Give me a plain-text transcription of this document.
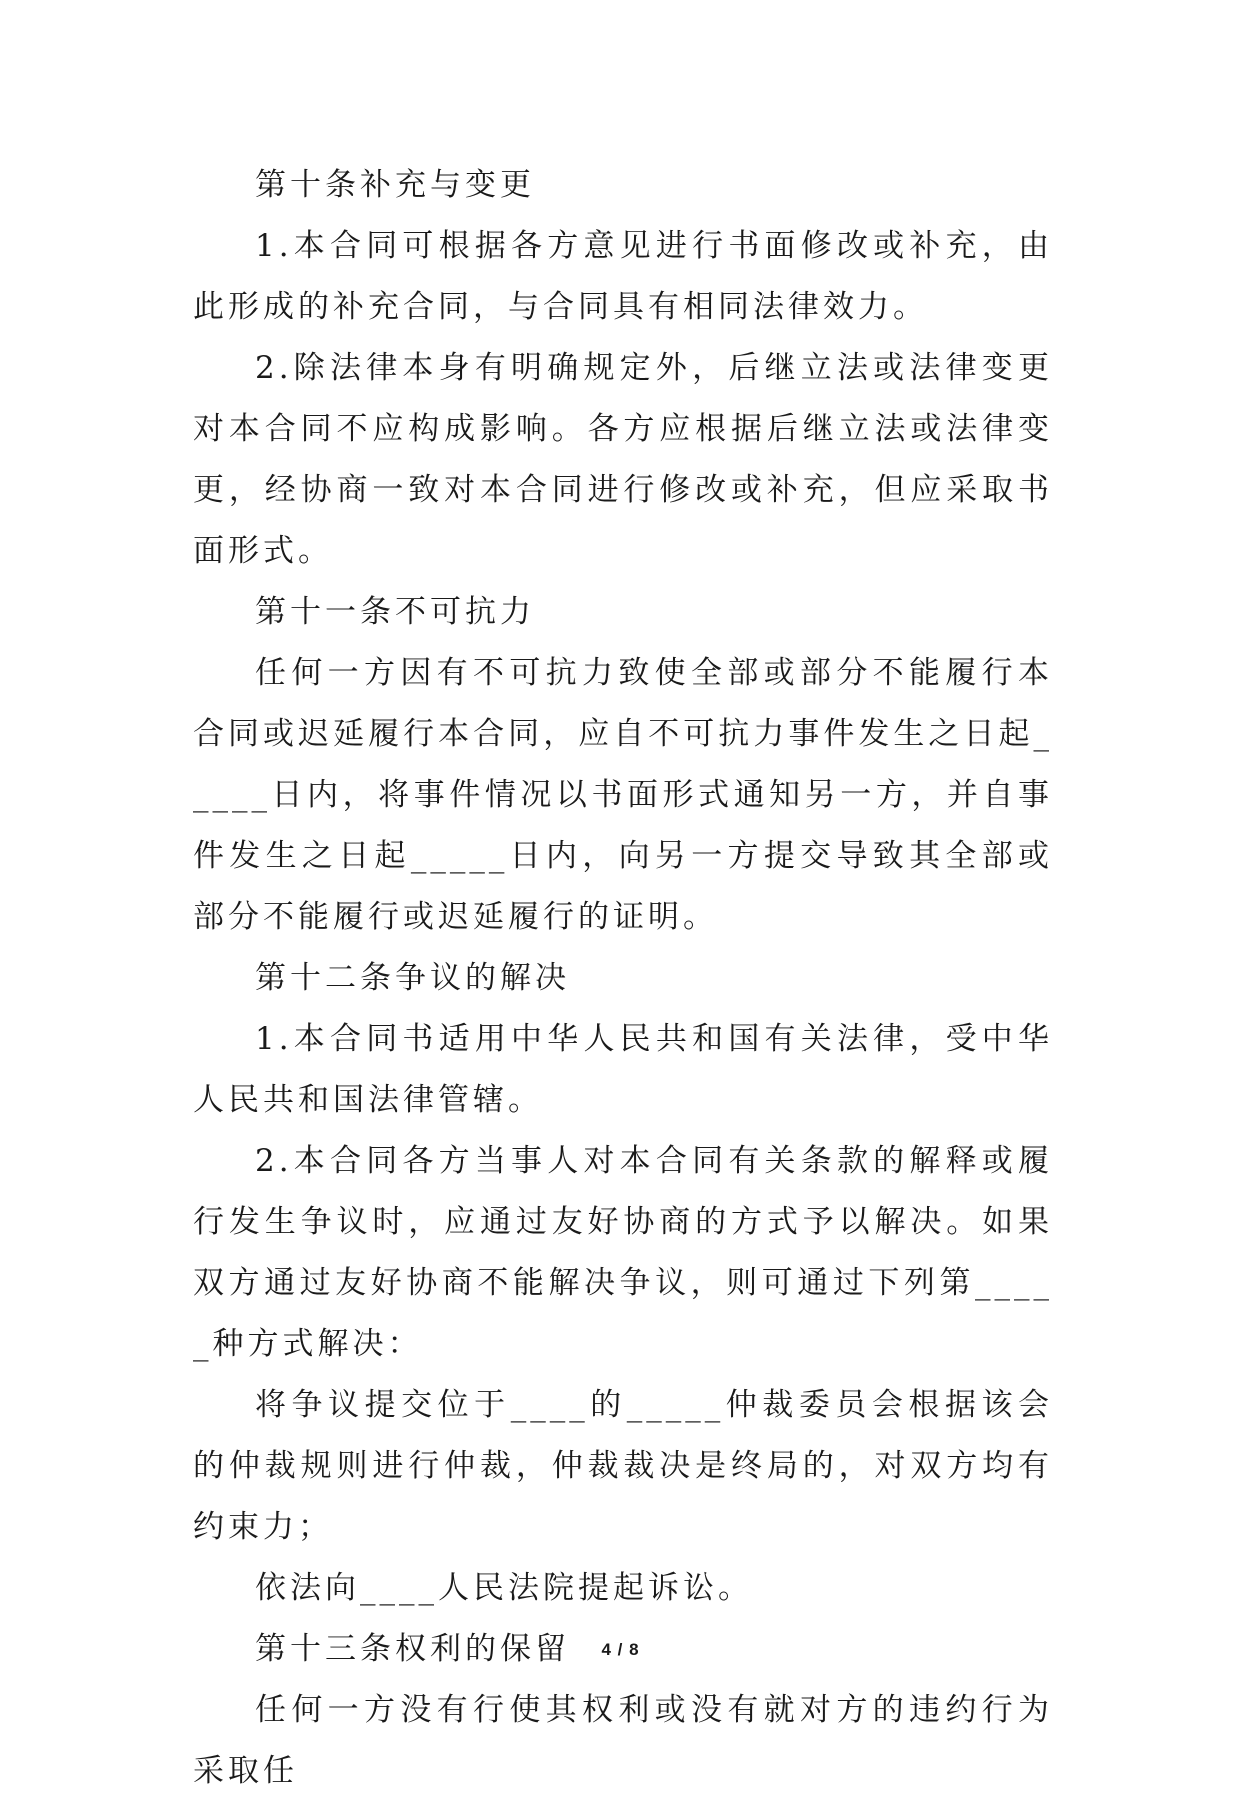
第十条补充与变更

1.本合同可根据各方意见进行书面修改或补充，由此形成的补充合同，与合同具有相同法律效力。

2.除法律本身有明确规定外，后继立法或法律变更对本合同不应构成影响。各方应根据后继立法或法律变更，经协商一致对本合同进行修改或补充，但应采取书面形式。

第十一条不可抗力

任何一方因有不可抗力致使全部或部分不能履行本合同或迟延履行本合同，应自不可抗力事件发生之日起_____日内，将事件情况以书面形式通知另一方，并自事件发生之日起_____日内，向另一方提交导致其全部或部分不能履行或迟延履行的证明。

第十二条争议的解决

1.本合同书适用中华人民共和国有关法律，受中华人民共和国法律管辖。

2.本合同各方当事人对本合同有关条款的解释或履行发生争议时，应通过友好协商的方式予以解决。如果双方通过友好协商不能解决争议，则可通过下列第_____种方式解决：

将争议提交位于____的_____仲裁委员会根据该会的仲裁规则进行仲裁，仲裁裁决是终局的，对双方均有约束力；

依法向____人民法院提起诉讼。

第十三条权利的保留

任何一方没有行使其权利或没有就对方的违约行为采取任

4 / 8
